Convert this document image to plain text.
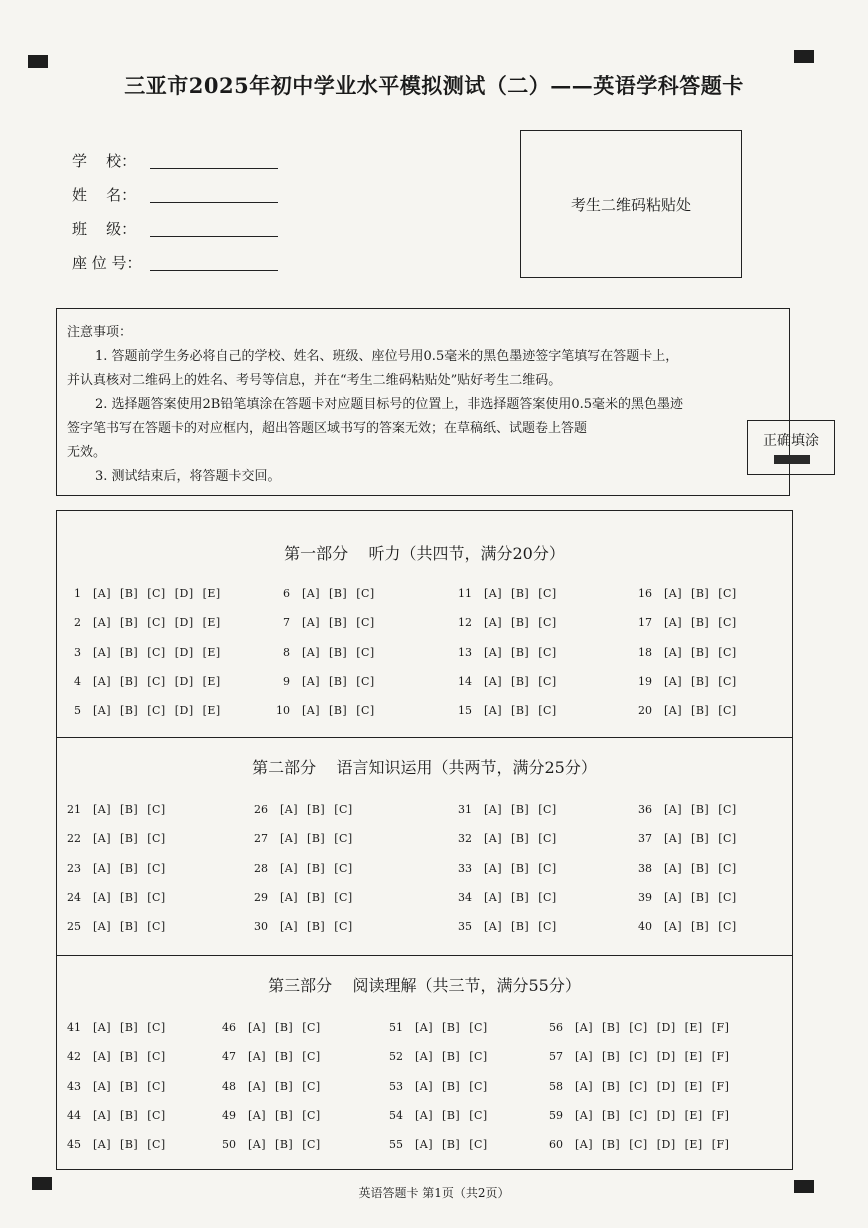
三亚市2025年初中学业水平模拟测试（二）——英语学科答题卡
学    校：
姓    名：
班    级：
座 位 号：
考生二维码粘贴处
注意事项：
1. 答题前学生务必将自己的学校、姓名、班级、座位号用0.5毫米的黑色墨迹签字笔填写在答题卡上，
并认真核对二维码上的姓名、考号等信息，并在“考生二维码粘贴处”贴好考生二维码。
2. 选择题答案使用2B铅笔填涂在答题卡对应题目标号的位置上，非选择题答案使用0.5毫米的黑色墨迹
签字笔书写在答题卡的对应框内，超出答题区域书写的答案无效；在草稿纸、试题卷上答题
无效。
3. 测试结束后，将答题卡交回。
正确填涂
第一部分    听力（共四节，满分20分）
第二部分    语言知识运用（共两节，满分25分）
第三部分    阅读理解（共三节，满分55分）
1 [A] [B] [C] [D] [E]
2 [A] [B] [C] [D] [E]
3 [A] [B] [C] [D] [E]
4 [A] [B] [C] [D] [E]
5 [A] [B] [C] [D] [E]
6 [A] [B] [C]
7 [A] [B] [C]
8 [A] [B] [C]
9 [A] [B] [C]
10 [A] [B] [C]
11 [A] [B] [C]
12 [A] [B] [C]
13 [A] [B] [C]
14 [A] [B] [C]
15 [A] [B] [C]
16 [A] [B] [C]
17 [A] [B] [C]
18 [A] [B] [C]
19 [A] [B] [C]
20 [A] [B] [C]
21 [A] [B] [C]
22 [A] [B] [C]
23 [A] [B] [C]
24 [A] [B] [C]
25 [A] [B] [C]
26 [A] [B] [C]
27 [A] [B] [C]
28 [A] [B] [C]
29 [A] [B] [C]
30 [A] [B] [C]
31 [A] [B] [C]
32 [A] [B] [C]
33 [A] [B] [C]
34 [A] [B] [C]
35 [A] [B] [C]
36 [A] [B] [C]
37 [A] [B] [C]
38 [A] [B] [C]
39 [A] [B] [C]
40 [A] [B] [C]
41 [A] [B] [C]
42 [A] [B] [C]
43 [A] [B] [C]
44 [A] [B] [C]
45 [A] [B] [C]
46 [A] [B] [C]
47 [A] [B] [C]
48 [A] [B] [C]
49 [A] [B] [C]
50 [A] [B] [C]
51 [A] [B] [C]
52 [A] [B] [C]
53 [A] [B] [C]
54 [A] [B] [C]
55 [A] [B] [C]
56 [A] [B] [C] [D] [E] [F]
57 [A] [B] [C] [D] [E] [F]
58 [A] [B] [C] [D] [E] [F]
59 [A] [B] [C] [D] [E] [F]
60 [A] [B] [C] [D] [E] [F]
英语答题卡 第1页（共2页）
